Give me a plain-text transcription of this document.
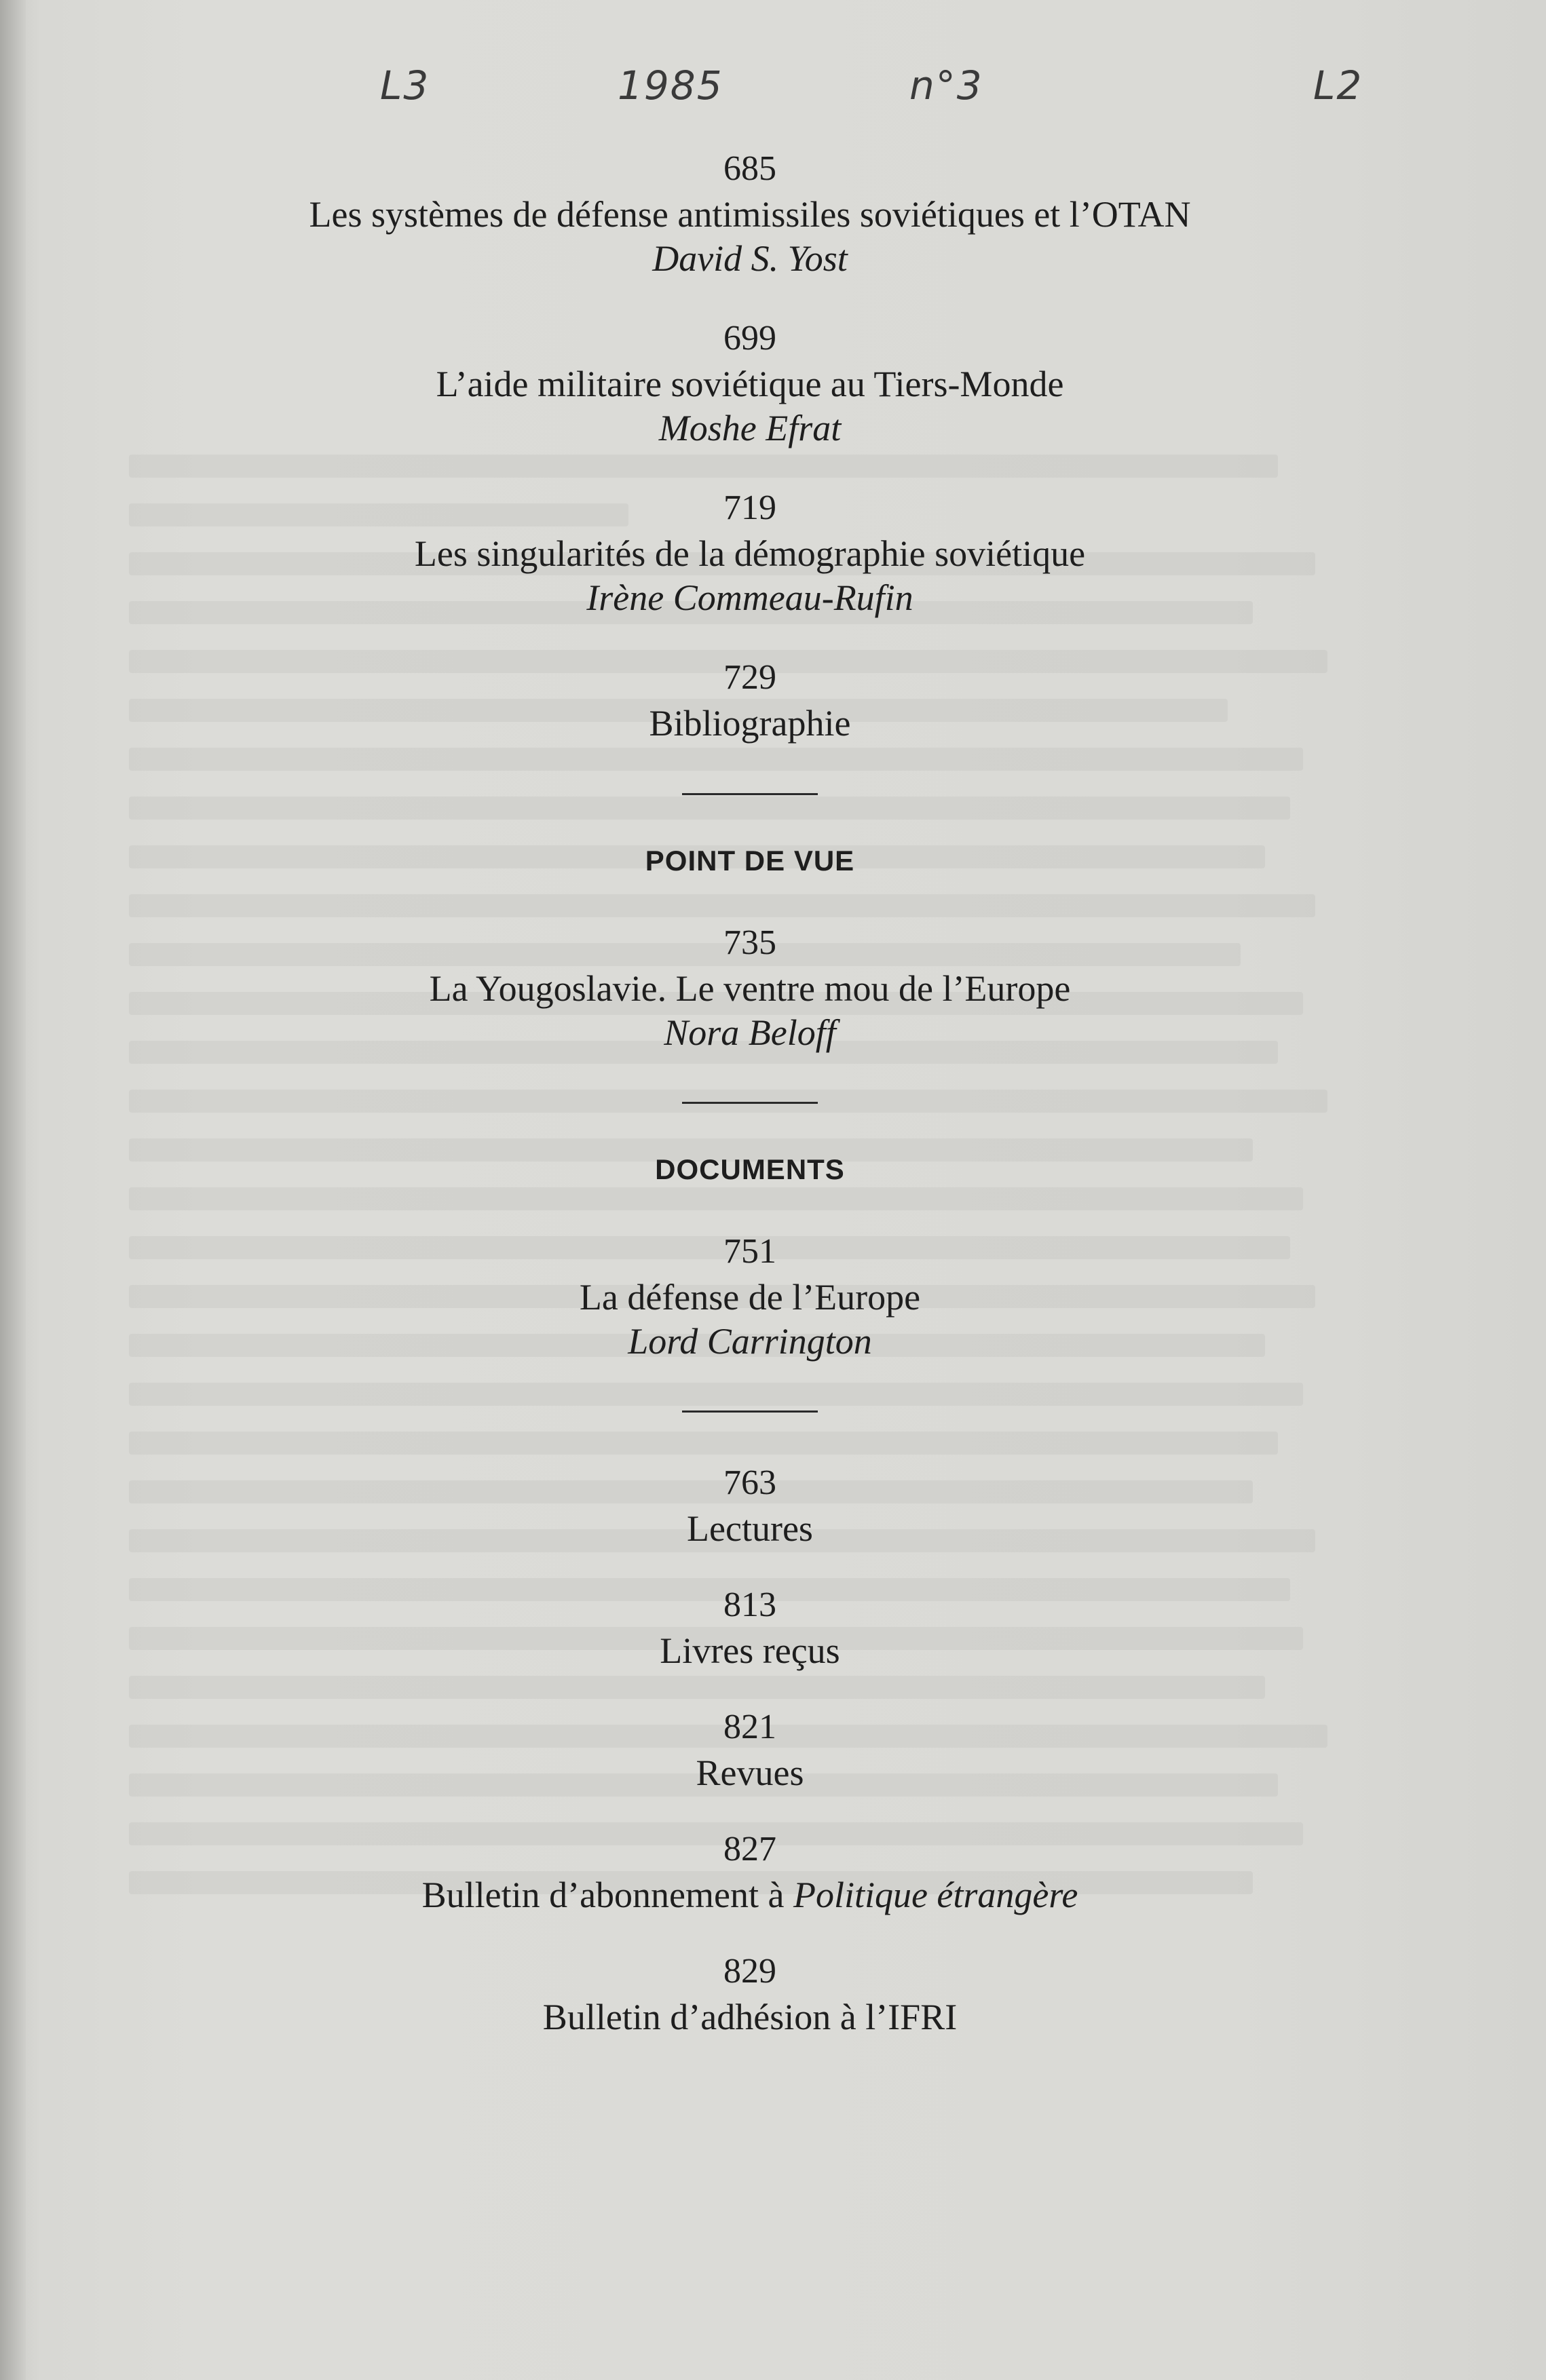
L3	1985	n°3	L2
685
Les systèmes de défense antimissiles soviétiques et l’OTAN
David S. Yost
699
L’aide militaire soviétique au Tiers-Monde
Moshe Efrat
719
Les singularités de la démographie soviétique
Irène Commeau-Rufin
729
Bibliographie
POINT DE VUE
735
La Yougoslavie. Le ventre mou de l’Europe
Nora Beloff
DOCUMENTS
751
La défense de l’Europe
Lord Carrington
763
Lectures
813
Livres reçus
821
Revues
827
Bulletin d’abonnement à Politique étrangère
829
Bulletin d’adhésion à l’IFRI
